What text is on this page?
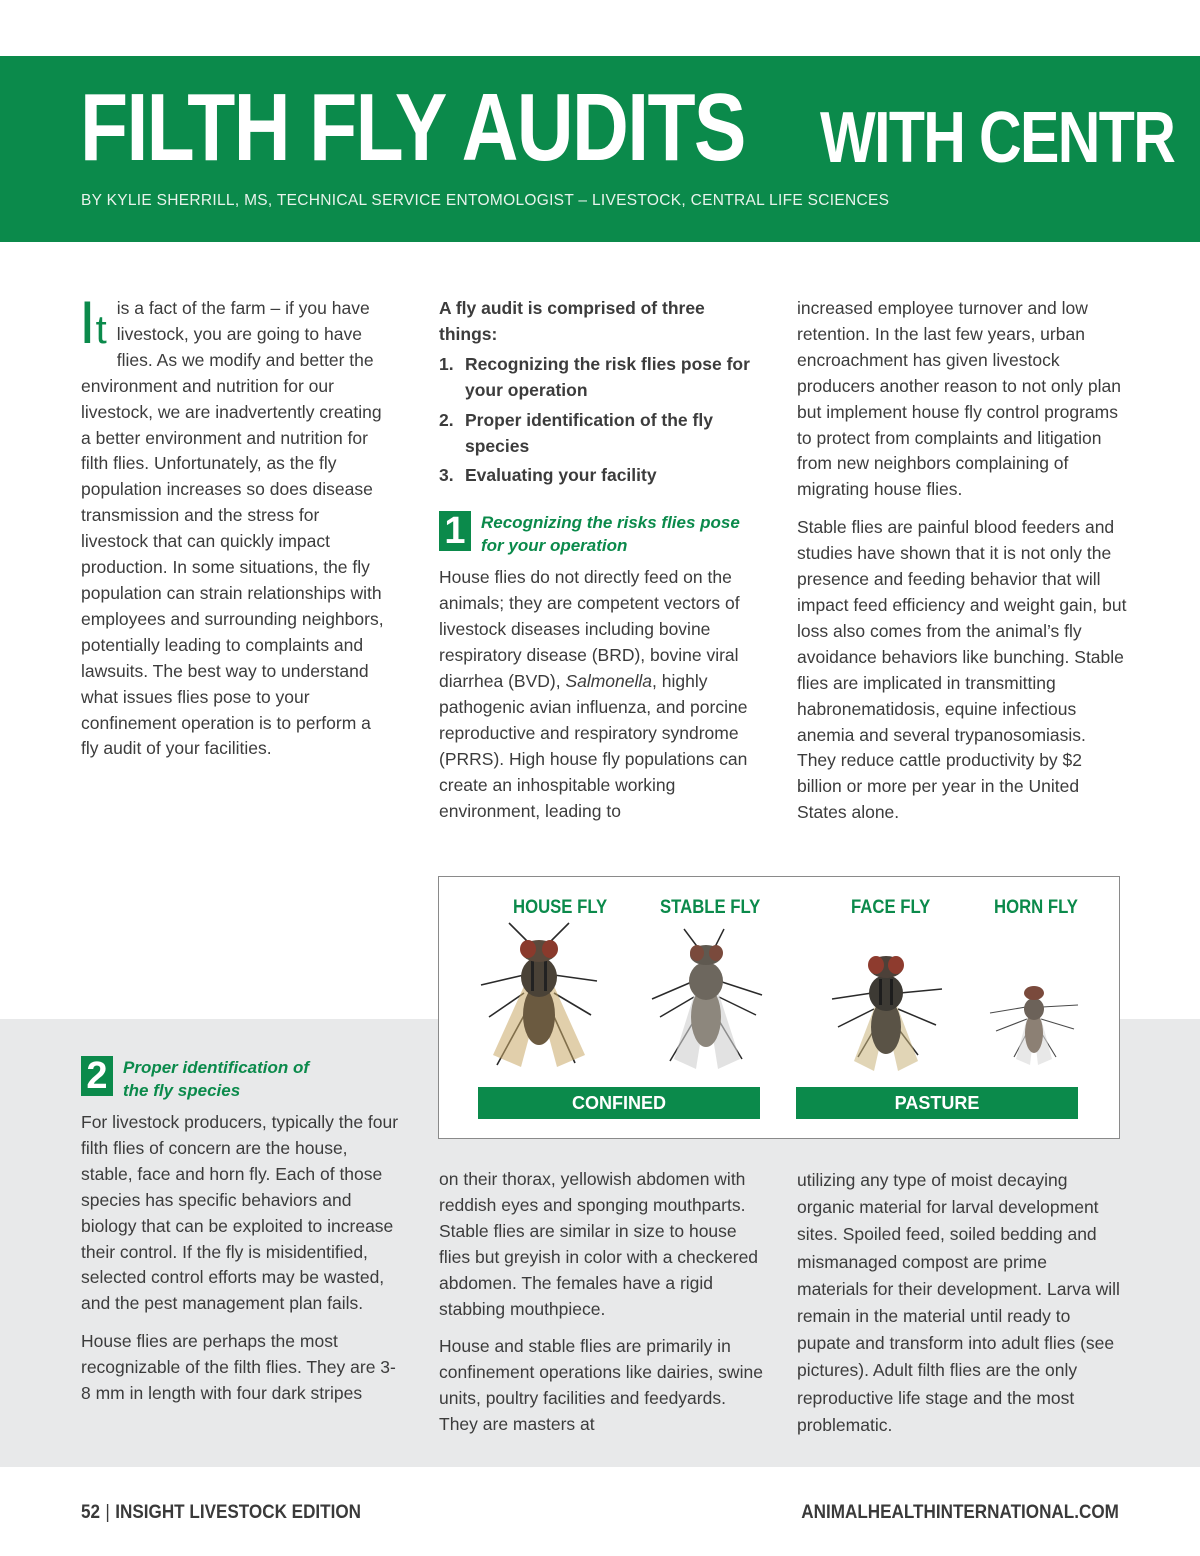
FILTH FLY AUDITS WITH CENTR
BY KYLIE SHERRILL, MS, TECHNICAL SERVICE ENTOMOLOGIST – LIVESTOCK, CENTRAL LIFE SCIENCES

It is a fact of the farm – if you have livestock, you are going to have flies. As we modify and better the environment and nutrition for our livestock, we are inadvertently creating a better environment and nutrition for filth flies. Unfortunately, as the fly population increases so does disease transmission and the stress for livestock that can quickly impact production. In some situations, the fly population can strain relationships with employees and surrounding neighbors, potentially leading to complaints and lawsuits. The best way to understand what issues flies pose to your confinement operation is to perform a fly audit of your facilities.

A fly audit is comprised of three things:

1. Recognizing the risk flies pose for your operation
2. Proper identification of the fly species
3. Evaluating your facility
1 Recognizing the risks flies pose for your operation

House flies do not directly feed on the animals; they are competent vectors of livestock diseases including bovine respiratory disease (BRD), bovine viral diarrhea (BVD), Salmonella, highly pathogenic avian influenza, and porcine reproductive and respiratory syndrome (PRRS). High house fly populations can create an inhospitable working environment, leading to

increased employee turnover and low retention. In the last few years, urban encroachment has given livestock producers another reason to not only plan but implement house fly control programs to protect from complaints and litigation from new neighbors complaining of migrating house flies.

Stable flies are painful blood feeders and studies have shown that it is not only the presence and feeding behavior that will impact feed efficiency and weight gain, but loss also comes from the animal’s fly avoidance behaviors like bunching. Stable flies are implicated in transmitting habronematidosis, equine infectious anemia and several trypanosomiasis. They reduce cattle productivity by $2 billion or more per year in the United States alone.

HOUSE FLY	STABLE FLY	FACE FLY	HORN FLY
CONFINED	PASTURE
2 Proper identification of the fly species

For livestock producers, typically the four filth flies of concern are the house, stable, face and horn fly. Each of those species has specific behaviors and biology that can be exploited to increase their control. If the fly is misidentified, selected control efforts may be wasted, and the pest management plan fails.

House flies are perhaps the most recognizable of the filth flies. They are 3-8 mm in length with four dark stripes

on their thorax, yellowish abdomen with reddish eyes and sponging mouthparts. Stable flies are similar in size to house flies but greyish in color with a checkered abdomen. The females have a rigid stabbing mouthpiece.

House and stable flies are primarily in confinement operations like dairies, swine units, poultry facilities and feedyards. They are masters at

utilizing any type of moist decaying organic material for larval development sites. Spoiled feed, soiled bedding and mismanaged compost are prime materials for their development. Larva will remain in the material until ready to pupate and transform into adult flies (see pictures). Adult filth flies are the only reproductive life stage and the most problematic.

52 | INSIGHT LIVESTOCK EDITION	ANIMALHEALTHINTERNATIONAL.COM
